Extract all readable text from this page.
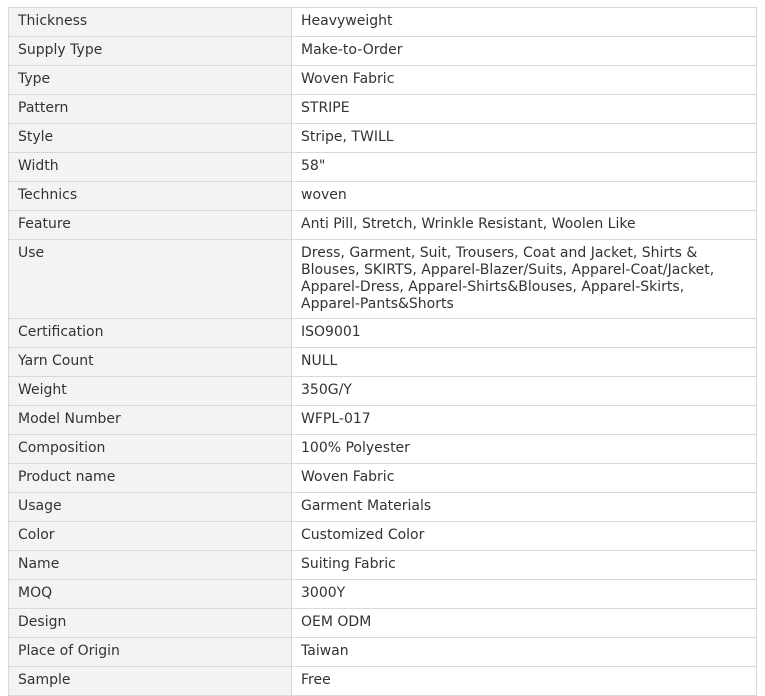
Thickness	Heavyweight
Supply Type	Make-to-Order
Type	Woven Fabric
Pattern	STRIPE
Style	Stripe, TWILL
Width	58"
Technics	woven
Feature	Anti Pill, Stretch, Wrinkle Resistant, Woolen Like
Use	Dress, Garment, Suit, Trousers, Coat and Jacket, Shirts & Blouses, SKIRTS, Apparel-Blazer/Suits, Apparel-Coat/Jacket, Apparel-Dress, Apparel-Shirts&Blouses, Apparel-Skirts, Apparel-Pants&Shorts
Certification	ISO9001
Yarn Count	NULL
Weight	350G/Y
Model Number	WFPL-017
Composition	100% Polyester
Product name	Woven Fabric
Usage	Garment Materials
Color	Customized Color
Name	Suiting Fabric
MOQ	3000Y
Design	OEM ODM
Place of Origin	Taiwan
Sample	Free
